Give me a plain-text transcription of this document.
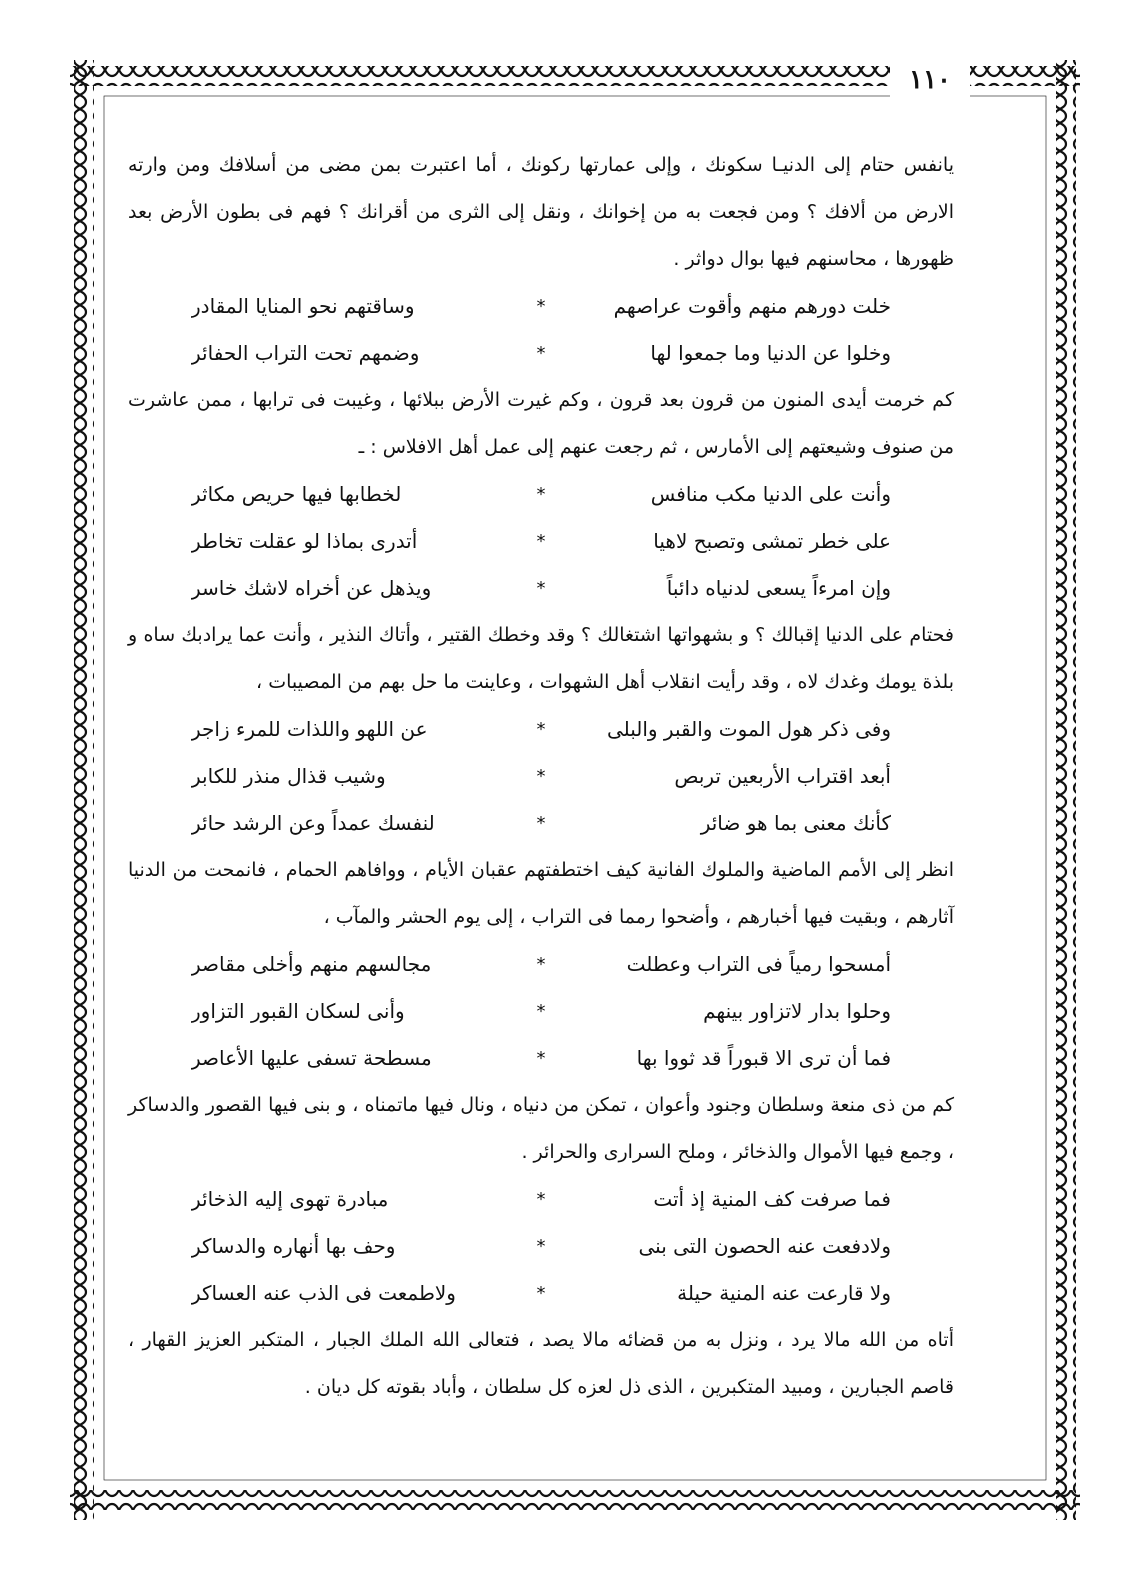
١١٠

يانفس حتام إلى الدنيـا سكونك ، وإلى عمارتها ركونك ، أما اعتبرت بمن مضى من أسلافك ومن وارته الارض من ألافك ؟ ومن فجعت به من إخوانك ، ونقل إلى الثرى من أقرانك ؟ فهم فى بطون الأرض بعد ظهورها ، محاسنهم فيها بوال دواثر .

خلت دورهم منهم وأقوت عراصهم
*
وساقتهم نحو المنايا المقادر
وخلوا عن الدنيا وما جمعوا لها
*
وضمهم تحت التراب الحفائر

كم خرمت أيدى المنون من قرون بعد قرون ، وكم غيرت الأرض ببلائها ، وغيبت فى ترابها ، ممن عاشرت من صنوف وشيعتهم إلى الأمارس ، ثم رجعت عنهم إلى عمل أهل الافلاس : ـ

وأنت على الدنيا مكب منافس
*
لخطابها فيها حريص مكاثر
على خطر تمشى وتصبح لاهيا
*
أتدرى بماذا لو عقلت تخاطر
وإن امرءاً يسعى لدنياه دائباً
*
ويذهل عن أخراه لاشك خاسر

فحتام على الدنيا إقبالك ؟ و بشهواتها اشتغالك ؟ وقد وخطك القتير ، وأتاك النذير ، وأنت عما يرادبك ساه و بلذة يومك وغدك لاه ، وقد رأيت انقلاب أهل الشهوات ، وعاينت ما حل بهم من المصيبات ،

وفى ذكر هول الموت والقبر والبلى
*
عن اللهو واللذات للمرء زاجر
أبعد اقتراب الأربعين تربص
*
وشيب قذال منذر للكابر
كأنك معنى بما هو ضائر
*
لنفسك عمداً وعن الرشد حائر

انظر إلى الأمم الماضية والملوك الفانية كيف اختطفتهم عقبان الأيام ، ووافاهم الحمام ، فانمحت من الدنيا آثارهم ، وبقيت فيها أخبارهم ، وأضحوا رمما فى التراب ، إلى يوم الحشر والمآب ،

أمسحوا رمياً فى التراب وعطلت
*
مجالسهم منهم وأخلى مقاصر
وحلوا بدار لاتزاور بينهم
*
وأنى لسكان القبور التزاور
فما أن ترى الا قبوراً قد ثووا بها
*
مسطحة تسفى عليها الأعاصر

كم من ذى منعة وسلطان وجنود وأعوان ، تمكن من دنياه ، ونال فيها ماتمناه ، و بنى فيها القصور والدساكر ، وجمع فيها الأموال والذخائر ، وملح السرارى والحرائر .

فما صرفت كف المنية إذ أتت
*
مبادرة تهوى إليه الذخائر
ولادفعت عنه الحصون التى بنى
*
وحف بها أنهاره والدساكر
ولا قارعت عنه المنية حيلة
*
ولاطمعت فى الذب عنه العساكر

أتاه من الله مالا يرد ، ونزل به من قضائه مالا يصد ، فتعالى الله الملك الجبار ، المتكبر العزيز القهار ، قاصم الجبارين ، ومبيد المتكبرين ، الذى ذل لعزه كل سلطان ، وأباد بقوته كل ديان .
